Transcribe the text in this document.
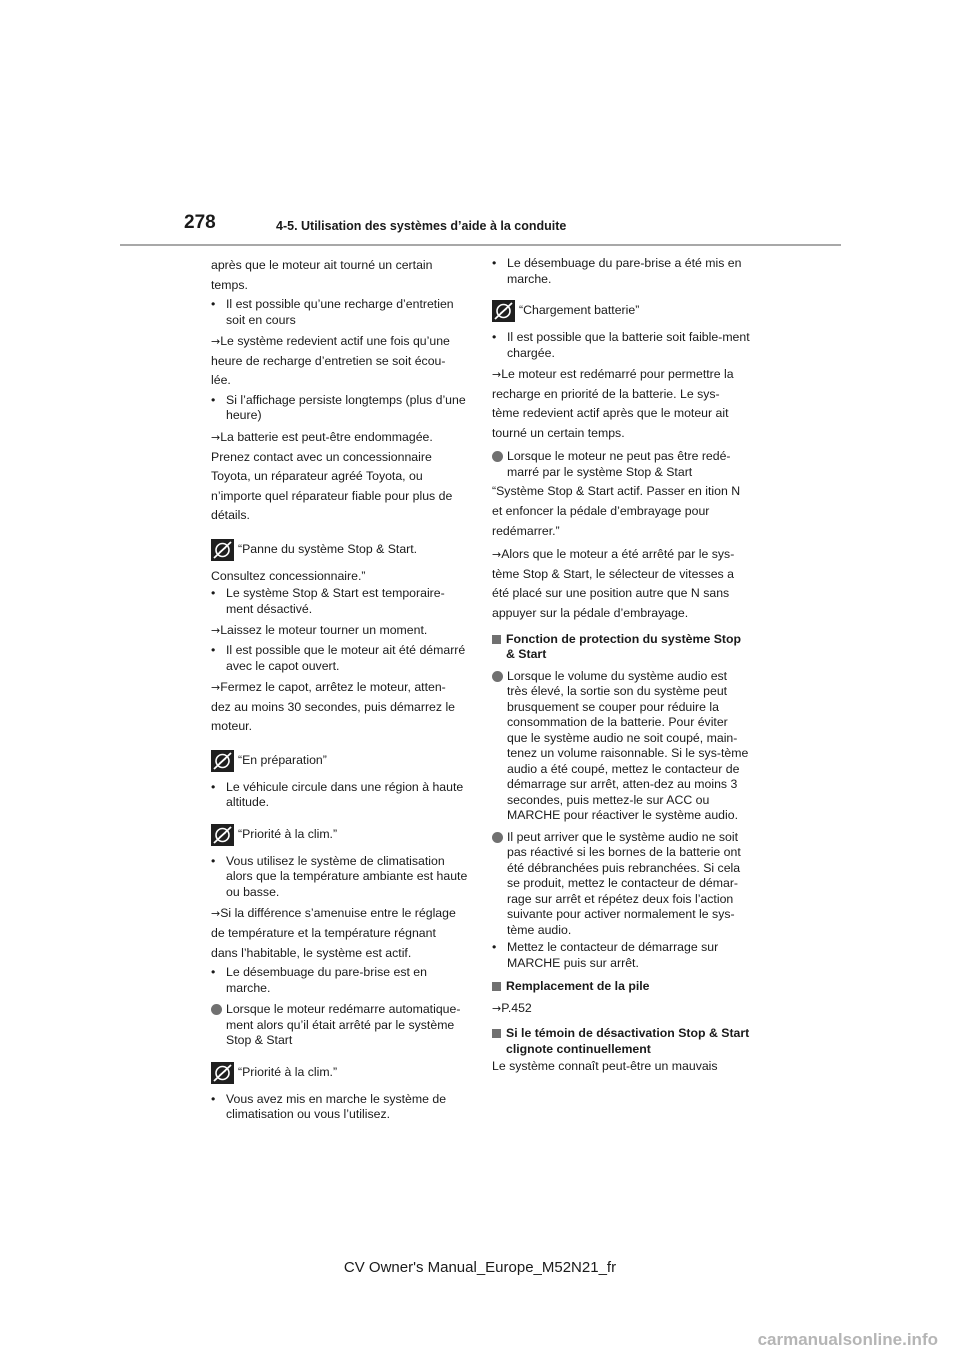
278	4-5. Utilisation des systèmes d’aide à la conduite

après que le moteur ait tourné un certain

temps.

• Il est possible qu’une recharge d’entretien soit en cours
→Le système redevient actif une fois qu’une
heure de recharge d’entretien se soit écou-
lée.
• Si l’affichage persiste longtemps (plus d’une heure)
→La batterie est peut-être endommagée.
Prenez contact avec un concessionnaire
Toyota, un réparateur agréé Toyota, ou
n’importe quel réparateur fiable pour plus de
détails.
“Panne du système Stop & Start.

Consultez concessionnaire.”

• Le système Stop & Start est temporaire-ment désactivé.
→Laissez le moteur tourner un moment.
• Il est possible que le moteur ait été démarré avec le capot ouvert.
→Fermez le capot, arrêtez le moteur, atten-
dez au moins 30 secondes, puis démarrez le
moteur.
“En préparation”
• Le véhicule circule dans une région à haute altitude.
“Priorité à la clim.”
• Vous utilisez le système de climatisation alors que la température ambiante est haute ou basse.
→Si la différence s’amenuise entre le réglage
de température et la température régnant
dans l’habitable, le système est actif.
• Le désembuage du pare-brise est en marche.
Lorsque le moteur redémarre automatique-ment alors qu’il était arrêté par le système Stop & Start
“Priorité à la clim.”
• Vous avez mis en marche le système de climatisation ou vous l’utilisez.
• Le désembuage du pare-brise a été mis en marche.
“Chargement batterie”
• Il est possible que la batterie soit faible-ment chargée.
→Le moteur est redémarré pour permettre la
recharge en priorité de la batterie. Le sys-
tème redevient actif après que le moteur ait
tourné un certain temps.
Lorsque le moteur ne peut pas être redé-marré par le système Stop & Start
“Système Stop & Start actif. Passer en ition N
et enfoncer la pédale d’embrayage pour
redémarrer.”
→Alors que le moteur a été arrêté par le sys-
tème Stop & Start, le sélecteur de vitesses a
été placé sur une position autre que N sans
appuyer sur la pédale d’embrayage.
Fonction de protection du système Stop & Start
Lorsque le volume du système audio est très élevé, la sortie son du système peut brusquement se couper pour réduire la consommation de la batterie. Pour éviter que le système audio ne soit coupé, main-tenez un volume raisonnable. Si le sys-tème audio a été coupé, mettez le contacteur de démarrage sur arrêt, atten-dez au moins 3 secondes, puis mettez-le sur ACC ou MARCHE pour réactiver le système audio.
Il peut arriver que le système audio ne soit pas réactivé si les bornes de la batterie ont été débranchées puis rebranchées. Si cela se produit, mettez le contacteur de démar-rage sur arrêt et répétez deux fois l’action suivante pour activer normalement le sys-tème audio.
• Mettez le contacteur de démarrage sur MARCHE puis sur arrêt.
Remplacement de la pile
→P.452
Si le témoin de désactivation Stop & Start clignote continuellement

Le système connaît peut-être un mauvais

CV Owner's Manual_Europe_M52N21_fr
carmanualsonline.info
